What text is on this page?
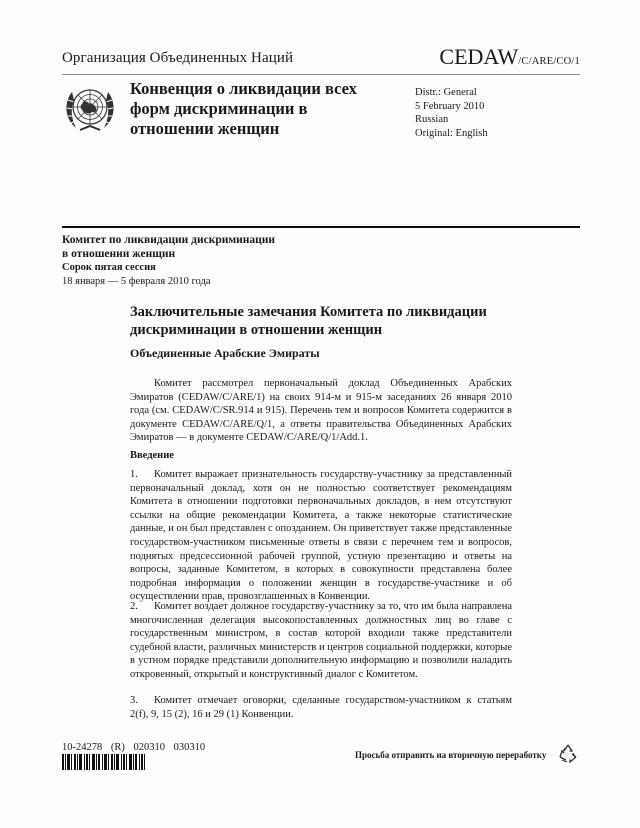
Организация Объединенных Наций	CEDAW/C/ARE/CO/1
Конвенция о ликвидации всех форм дискриминации в отношении женщин
Distr.: General
5 February 2010
Russian
Original: English
Комитет по ликвидации дискриминации
в отношении женщин
Сорок пятая сессия
18 января — 5 февраля 2010 года
Заключительные замечания Комитета по ликвидации дискриминации в отношении женщин
Объединенные Арабские Эмираты
Комитет рассмотрел первоначальный доклад Объединенных Арабских Эмиратов (CEDAW/C/ARE/1) на своих 914-м и 915-м заседаниях 26 января 2010 года (см. CEDAW/C/SR.914 и 915). Перечень тем и вопросов Комитета содержится в документе CEDAW/C/ARE/Q/1, а ответы правительства Объединенных Арабских Эмиратов — в документе CEDAW/C/ARE/Q/1/Add.1.
Введение
1. Комитет выражает признательность государству-участнику за представленный первоначальный доклад, хотя он не полностью соответствует рекомендациям Комитета в отношении подготовки первоначальных докладов, в нем отсутствуют ссылки на общие рекомендации Комитета, а также некоторые статистические данные, и он был представлен с опозданием. Он приветствует также представленные государством-участником письменные ответы в связи с перечнем тем и вопросов, поднятых предсессионной рабочей группой, устную презентацию и ответы на вопросы, заданные Комитетом, в которых в совокупности представлена более подробная информация о положении женщин в государстве-участнике и об осуществлении прав, провозглашенных в Конвенции.
2. Комитет воздает должное государству-участнику за то, что им была направлена многочисленная делегация высокопоставленных должностных лиц во главе с государственным министром, в состав которой входили также представители судебной власти, различных министерств и центров социальной поддержки, которые в устном порядке представили дополнительную информацию и позволили наладить откровенный, открытый и конструктивный диалог с Комитетом.
3. Комитет отмечает оговорки, сделанные государством-участником к статьям 2(f), 9, 15 (2), 16 и 29 (1) Конвенции.
10-24278 (R) 020310 030310
Просьба отправить на вторичную переработку
